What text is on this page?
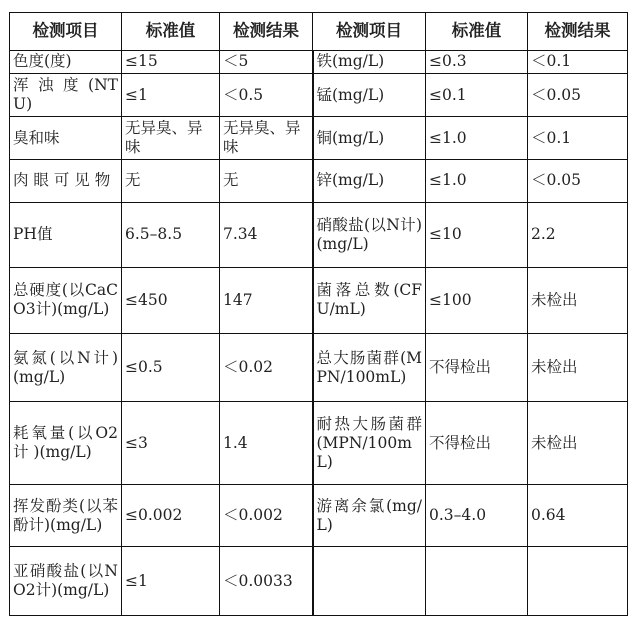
检测项目	标准值	检测结果	检测项目	标准值	检测结果
色度(度)	≤15	＜5	铁(mg/L)	≤0.3	＜0.1
浑 浊 度 (NTU)	≤1	＜0.5	锰(mg/L)	≤0.1	＜0.05
臭和味	无异臭、异味	无异臭、异味	铜(mg/L)	≤1.0	＜0.1
肉 眼 可 见 物	无	无	锌(mg/L)	≤1.0	＜0.05
PH值	6.5–8.5	7.34	硝酸盐(以N计)(mg/L)	≤10	2.2
总硬度(以CaCO3计)(mg/L)	≤450	147	菌落总数(CFU/mL)	≤100	未检出
氨氮(以N计)(mg/L)	≤0.5	＜0.02	总大肠菌群(MPN/100mL)	不得检出	未检出
耗氧量(以O2 计 )(mg/L)	≤3	1.4	耐热大肠菌群(MPN/100mL)	不得检出	未检出
挥发酚类(以苯酚计)(mg/L)	≤0.002	＜0.002	游离余氯(mg/L)	0.3–4.0	0.64
亚硝酸盐(以NO2计)(mg/L)	≤1	＜0.0033			
